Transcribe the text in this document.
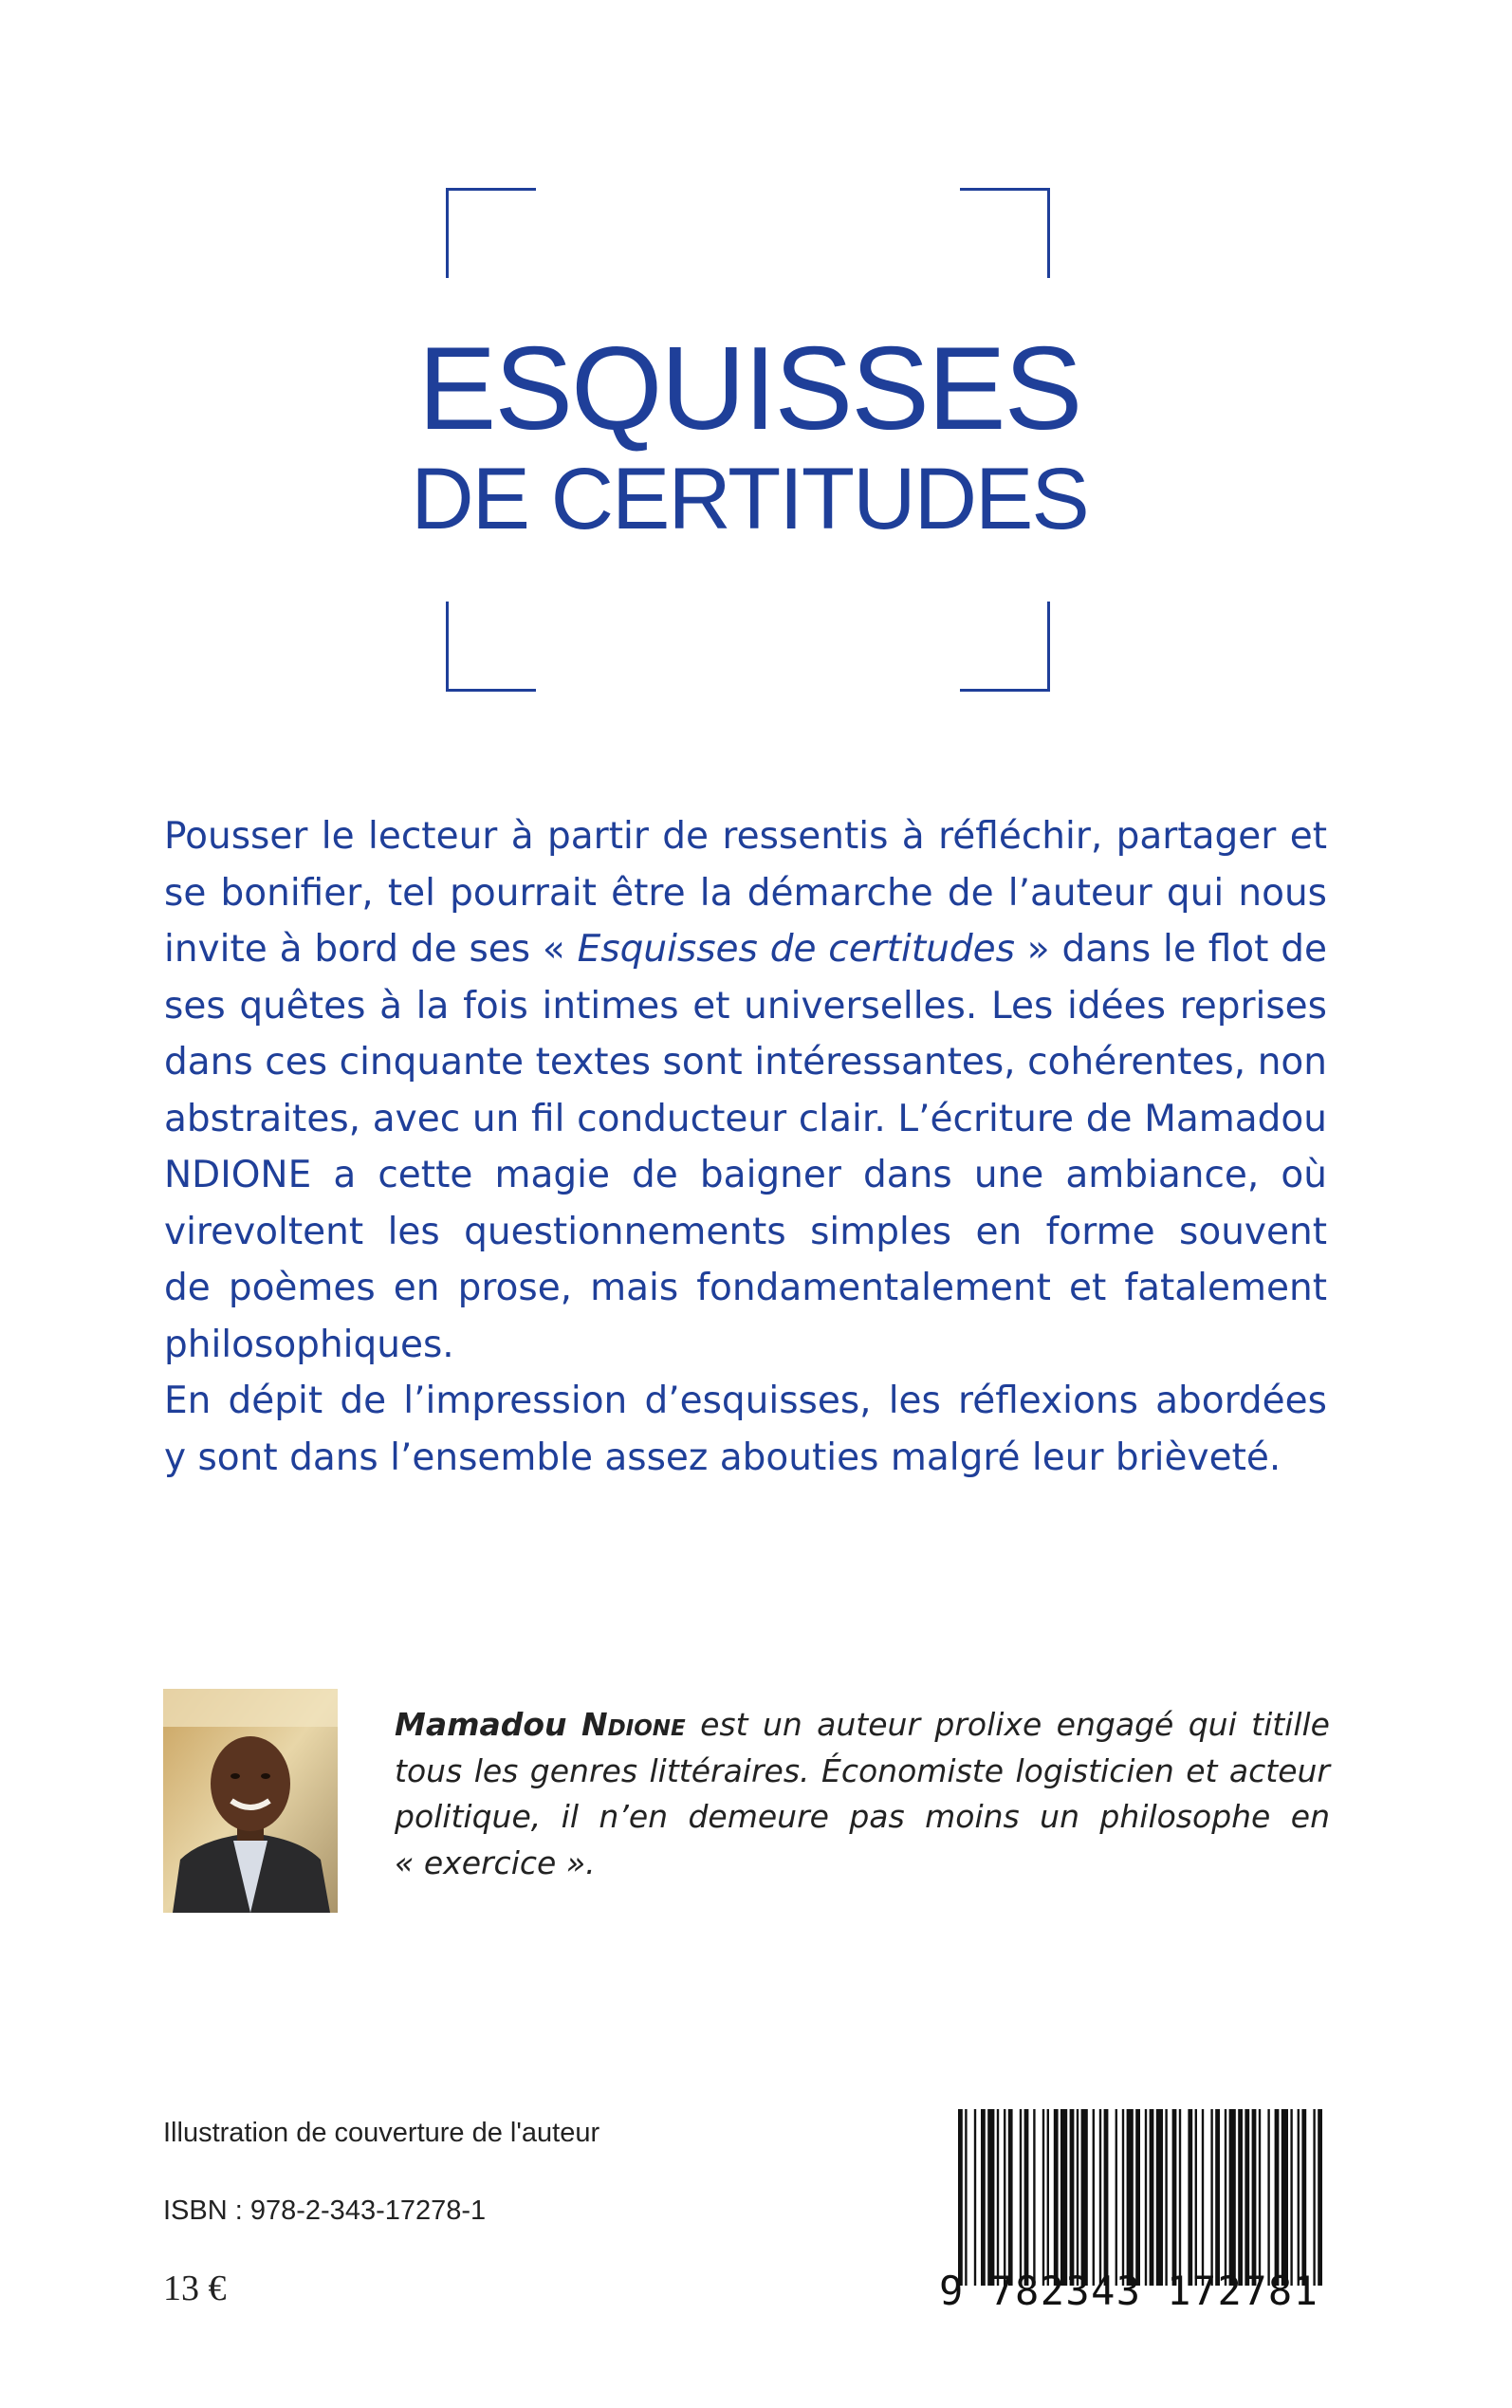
ESQUISSES
DE CERTITUDES
Pousser le lecteur à partir de ressentis à réfléchir, partager et
se bonifier, tel pourrait être la démarche de l’auteur qui nous
invite à bord de ses « Esquisses de certitudes » dans le flot de
ses quêtes à la fois intimes et universelles. Les idées reprises
dans ces cinquante textes sont intéressantes, cohérentes, non
abstraites, avec un fil conducteur clair. L’écriture de Mamadou
NDIONE a cette magie de baigner dans une ambiance, où
virevoltent les questionnements simples en forme souvent
de poèmes en prose, mais fondamentalement et fatalement
philosophiques.
En dépit de l’impression d’esquisses, les réflexions abordées
y sont dans l’ensemble assez abouties malgré leur brièveté.
Mamadou Ndione est un auteur prolixe engagé qui titille
tous les genres littéraires. Économiste logisticien et acteur
politique, il n’en demeure pas moins un philosophe en
« exercice ».

Illustration de couverture de l'auteur

ISBN : 978-2-343-17278-1

13 €	9 782343 172781
